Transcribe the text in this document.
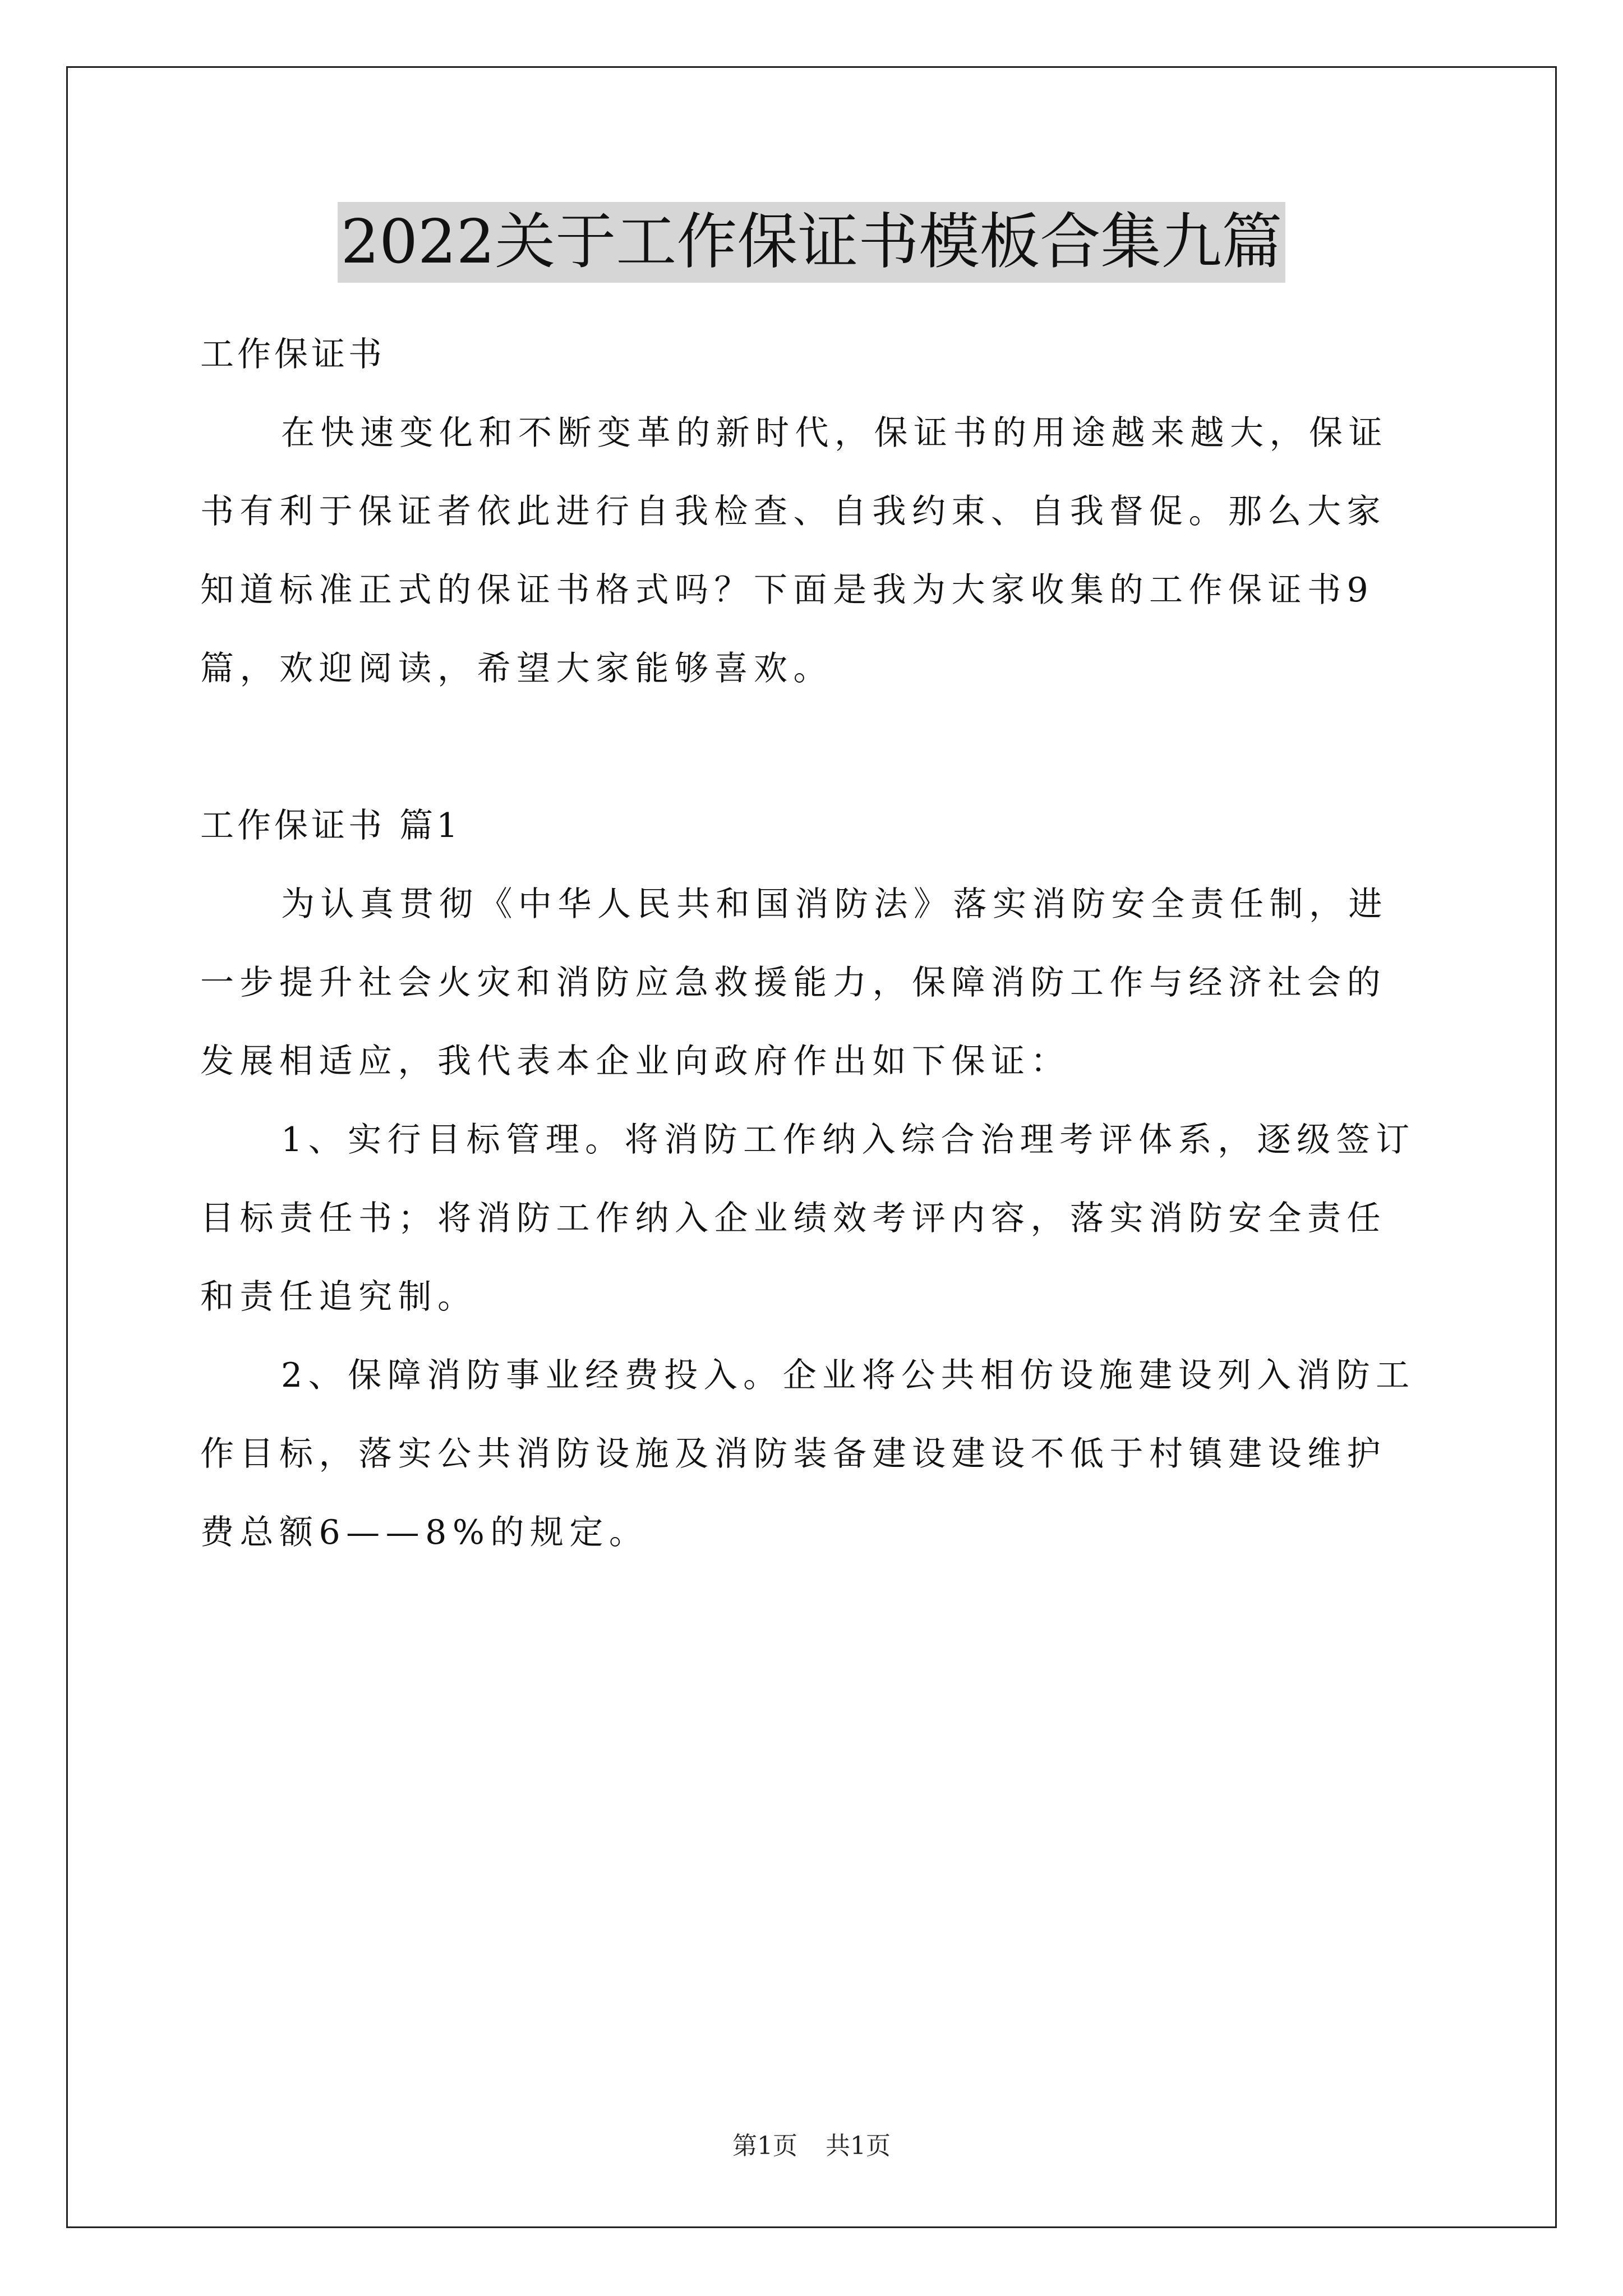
2022关于工作保证书模板合集九篇
工作保证书
在快速变化和不断变革的新时代，保证书的用途越来越大，保证
书有利于保证者依此进行自我检查、自我约束、自我督促。那么大家
知道标准正式的保证书格式吗？下面是我为大家收集的工作保证书9
篇，欢迎阅读，希望大家能够喜欢。
工作保证书 篇1
为认真贯彻《中华人民共和国消防法》落实消防安全责任制，进
一步提升社会火灾和消防应急救援能力，保障消防工作与经济社会的
发展相适应，我代表本企业向政府作出如下保证：
1、实行目标管理。将消防工作纳入综合治理考评体系，逐级签订
目标责任书；将消防工作纳入企业绩效考评内容，落实消防安全责任
和责任追究制。
2、保障消防事业经费投入。企业将公共相仿设施建设列入消防工
作目标，落实公共消防设施及消防装备建设建设不低于村镇建设维护
费总额6——8%的规定。
第1页 共1页
